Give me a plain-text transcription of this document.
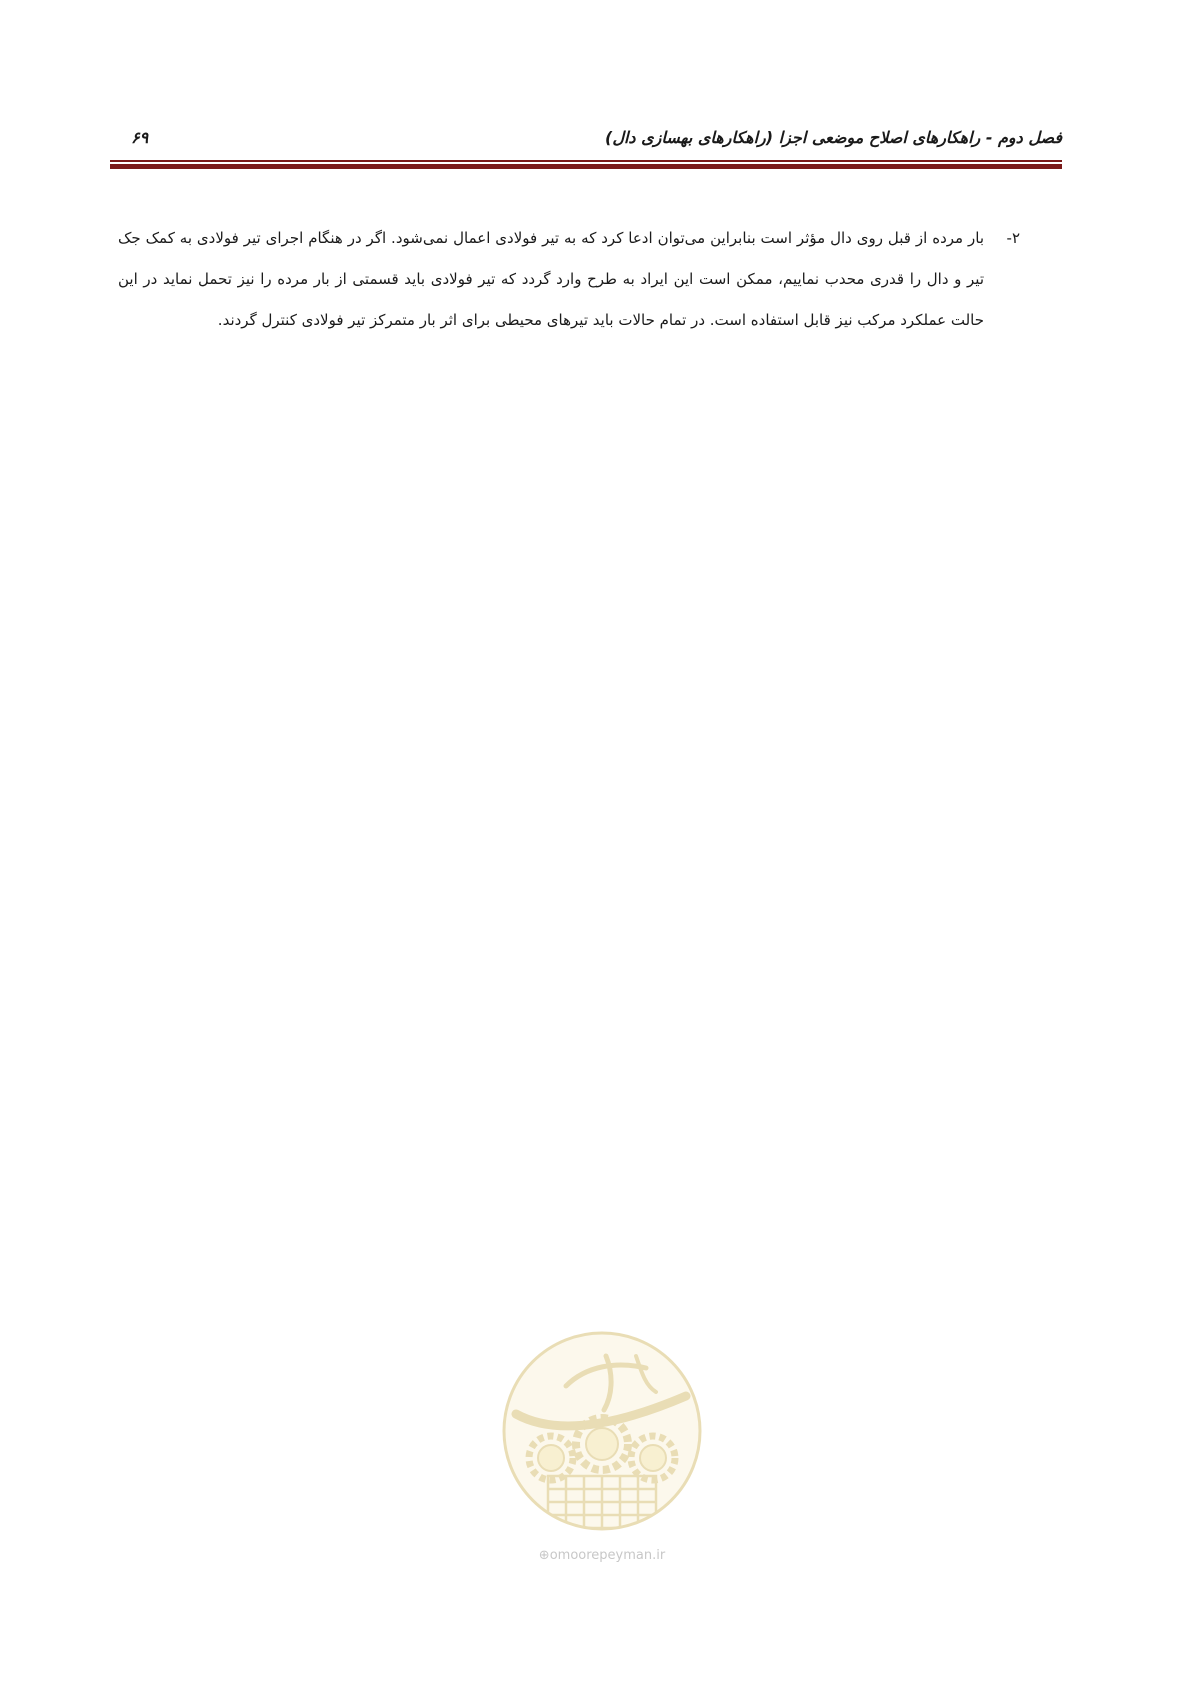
فصل دوم - راهکارهای اصلاح موضعی اجزا (راهکارهای بهسازی دال)
۶۹
۲-
بار مرده از قبل روی دال مؤثر است بنابراین می‌توان ادعا کرد که به تیر فولادی اعمال نمی‌شود. اگر در هنگام اجرای تیر فولادی به کمک جک تیر و دال را قدری محدب نماییم، ممکن است این ایراد به طرح وارد گردد که تیر فولادی باید قسمتی از بار مرده را نیز تحمل نماید در این حالت عملکرد مرکب نیز قابل استفاده است. در تمام حالات باید تیرهای محیطی برای اثر بار متمرکز تیر فولادی کنترل گردند.
⊕omoorepeyman.ir
